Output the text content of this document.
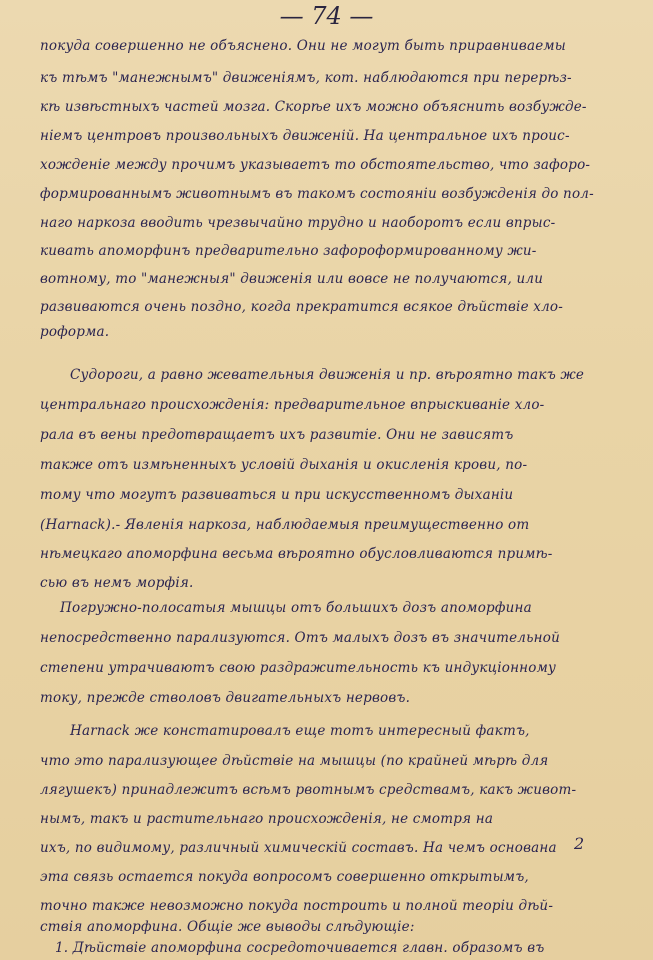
— 74 —
покуда совершенно не объяснено. Они не могут быть приравниваемы
къ тѣмъ "манежнымъ" движеніямъ, кот. наблюдаются при перерѣз-
кѣ извѣстныхъ частей мозга. Скорѣе ихъ можно объяснить возбужде-
ніемъ центровъ произвольныхъ движеній. На центральное ихъ проис-
хожденіе между прочимъ указываетъ то обстоятельство, что зафоро-
формированнымъ животнымъ въ такомъ состояніи возбужденія до пол-
наго наркоза вводить чрезвычайно трудно и наоборотъ если впрыс-
кивать апоморфинъ предварительно зафороформированному жи-
вотному, то "манежныя" движенія или вовсе не получаются, или
развиваются очень поздно, когда прекратится всякое дѣйствіе хло-
роформа.
Судороги, а равно жевательныя движенія и пр. вѣроятно такъ же
центральнаго происхожденія: предварительное впрыскиваніе хло-
рала въ вены предотвращаетъ ихъ развитіе. Они не зависятъ
также отъ измѣненныхъ условій дыханія и окисленія крови, по-
тому что могутъ развиваться и при искусственномъ дыханіи
(Harnack).- Явленія наркоза, наблюдаемыя преимущественно от
нѣмецкаго апоморфина весьма вѣроятно обусловливаются примѣ-
сью въ немъ морфія.
Погружно-полосатыя мышцы отъ большихъ дозъ апоморфина
непосредственно парализуются. Отъ малыхъ дозъ въ значительной
степени утрачиваютъ свою раздражительность къ индукціонному
току, прежде стволовъ двигательныхъ нервовъ.
Harnack же констатировалъ еще тотъ интересный фактъ,
что это парализующее дѣйствіе на мышцы (по крайней мѣрѣ для
лягушекъ) принадлежитъ всѣмъ рвотнымъ средствамъ, какъ живот-
нымъ, такъ и растительнаго происхожденія, не смотря на
ихъ, по видимому, различный химическій составъ. На чемъ основана
эта связь остается покуда вопросомъ совершенно открытымъ,
точно также невозможно покуда построить и полной теоріи дѣй-
ствія апоморфина. Общіе же выводы слѣдующіе:
1. Дѣйствіе апоморфина сосредоточивается главн. образомъ въ
2
